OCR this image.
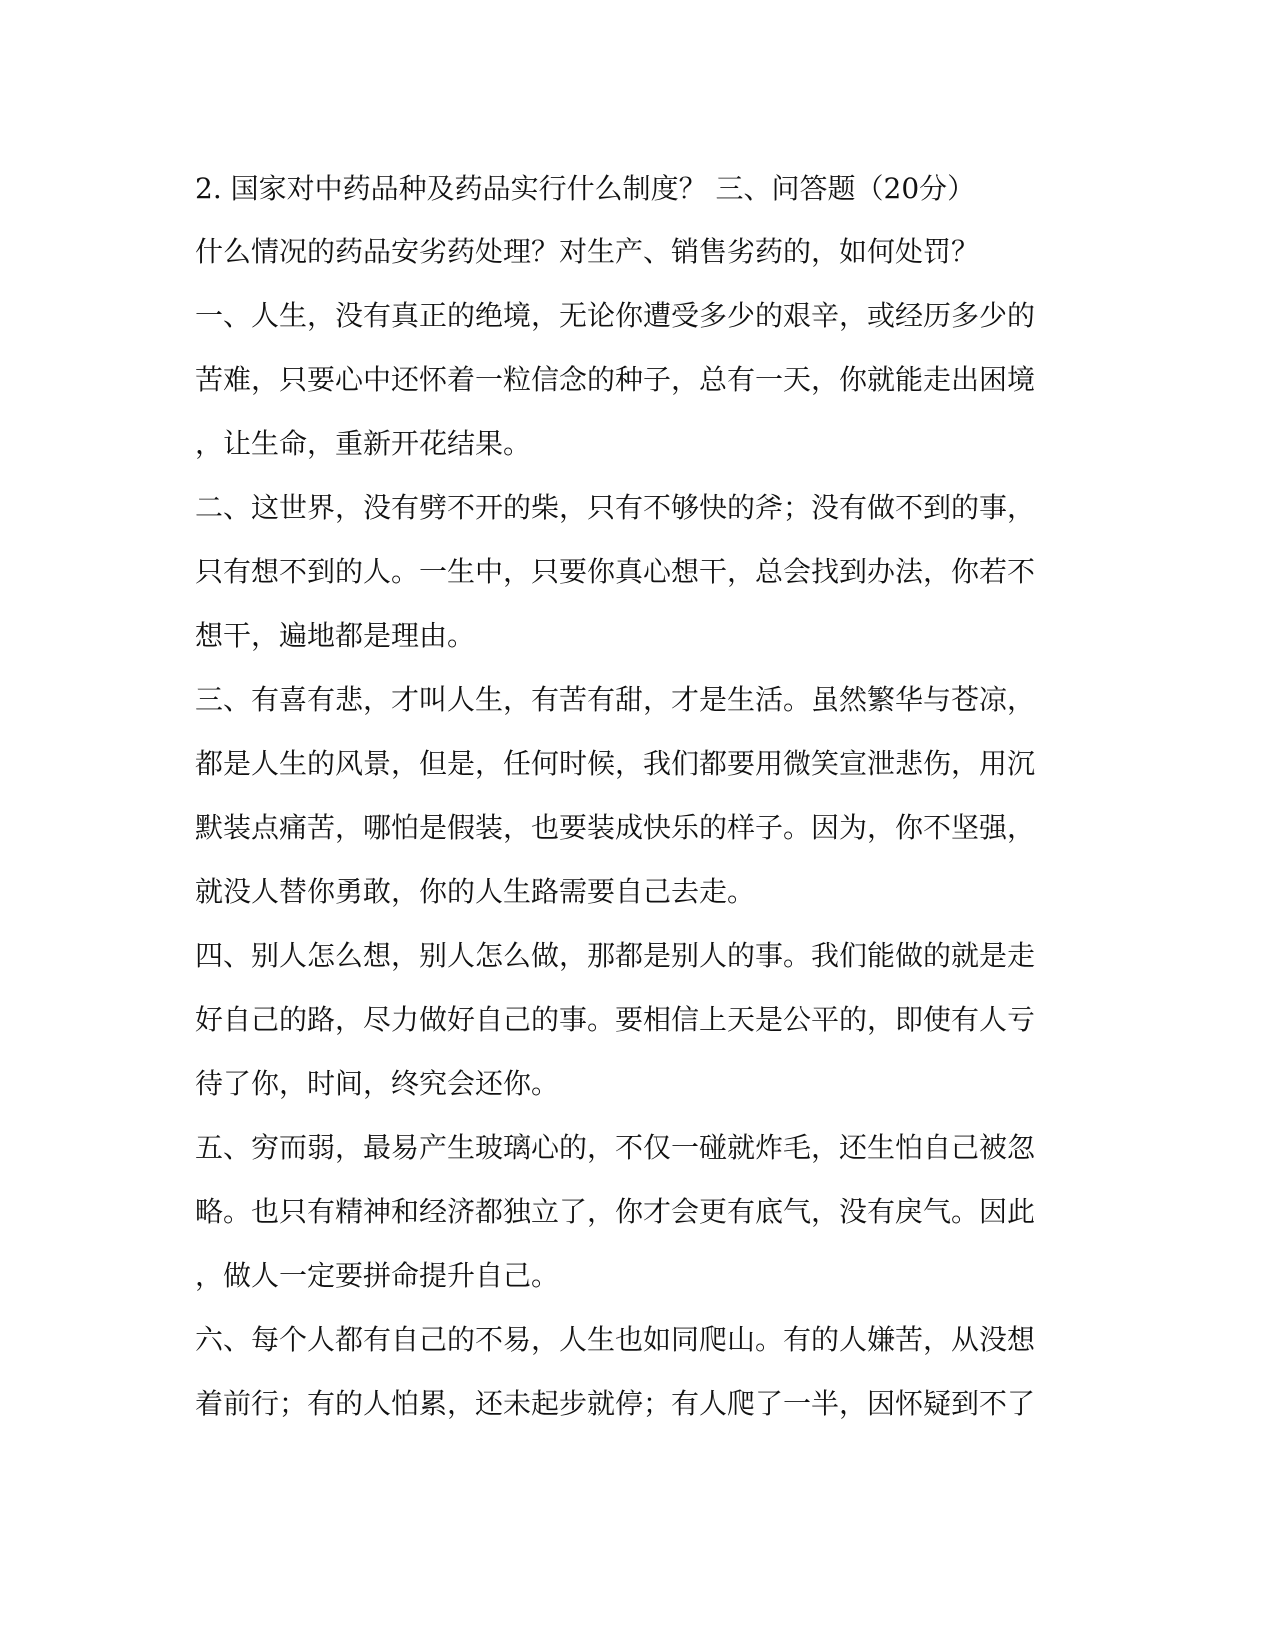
2. 国家对中药品种及药品实行什么制度？ 三、问答题（20分）
什么情况的药品安劣药处理？对生产、销售劣药的，如何处罚？
一、人生，没有真正的绝境，无论你遭受多少的艰辛，或经历多少的
苦难，只要心中还怀着一粒信念的种子，总有一天，你就能走出困境
，让生命，重新开花结果。
二、这世界，没有劈不开的柴，只有不够快的斧；没有做不到的事，
只有想不到的人。一生中，只要你真心想干，总会找到办法，你若不
想干，遍地都是理由。
三、有喜有悲，才叫人生，有苦有甜，才是生活。虽然繁华与苍凉，
都是人生的风景，但是，任何时候，我们都要用微笑宣泄悲伤，用沉
默装点痛苦，哪怕是假装，也要装成快乐的样子。因为，你不坚强，
就没人替你勇敢，你的人生路需要自己去走。
四、别人怎么想，别人怎么做，那都是别人的事。我们能做的就是走
好自己的路，尽力做好自己的事。要相信上天是公平的，即使有人亏
待了你，时间，终究会还你。
五、穷而弱，最易产生玻璃心的，不仅一碰就炸毛，还生怕自己被忽
略。也只有精神和经济都独立了，你才会更有底气，没有戾气。因此
，做人一定要拼命提升自己。
六、每个人都有自己的不易，人生也如同爬山。有的人嫌苦，从没想
着前行；有的人怕累，还未起步就停；有人爬了一半，因怀疑到不了
